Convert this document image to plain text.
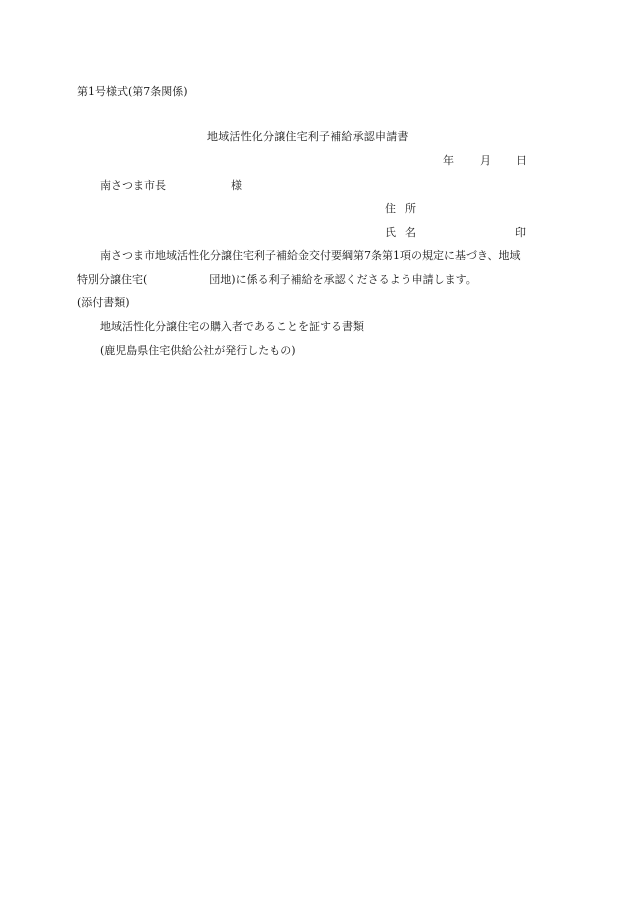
第1号様式(第7条関係)
地域活性化分譲住宅利子補給承認申請書
年 月 日
南さつま市長	様
住 所
氏 名	印
南さつま市地域活性化分譲住宅利子補給金交付要綱第7条第1項の規定に基づき、地域
特別分譲住宅(	団地)に係る利子補給を承認くださるよう申請します。
(添付書類)
地域活性化分譲住宅の購入者であることを証する書類
(鹿児島県住宅供給公社が発行したもの)
